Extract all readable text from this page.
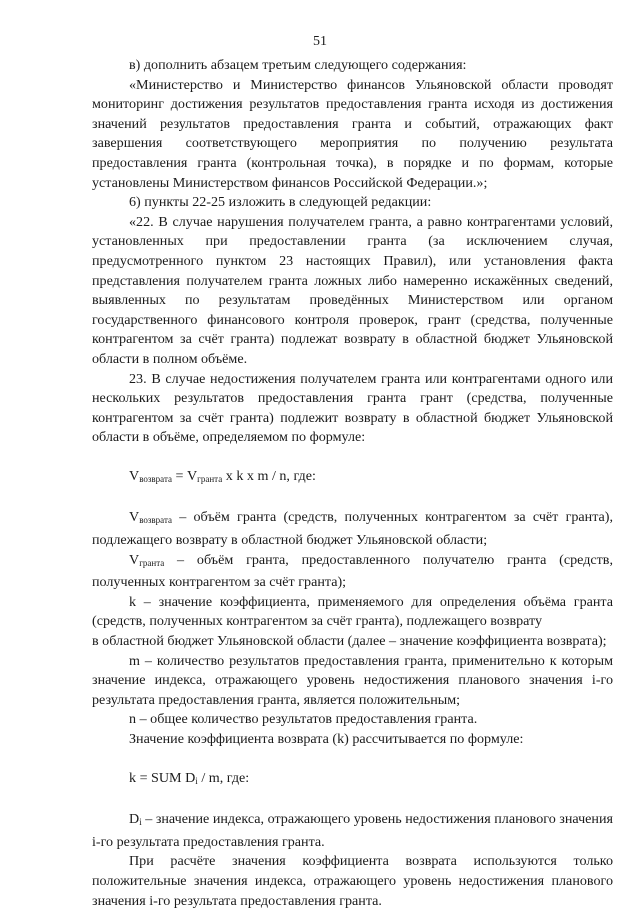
51

в) дополнить абзацем третьим следующего содержания:

«Министерство и Министерство финансов Ульяновской области проводят мониторинг достижения результатов предоставления гранта исходя из достижения значений результатов предоставления гранта и событий, отражающих факт завершения соответствующего мероприятия по получению результата предоставления гранта (контрольная точка), в порядке и по формам, которые установлены Министерством финансов Российской Федерации.»;

6) пункты 22-25 изложить в следующей редакции:

«22. В случае нарушения получателем гранта, а равно контрагентами условий, установленных при предоставлении гранта (за исключением случая, предусмотренного пунктом 23 настоящих Правил), или установления факта представления получателем гранта ложных либо намеренно искажённых сведений, выявленных по результатам проведённых Министерством или органом государственного финансового контроля проверок, грант (средства, полученные контрагентом за счёт гранта) подлежат возврату в областной бюджет Ульяновской области в полном объёме.

23. В случае недостижения получателем гранта или контрагентами одного или нескольких результатов предоставления гранта грант (средства, полученные контрагентом за счёт гранта) подлежит возврату в областной бюджет Ульяновской области в объёме, определяемом по формуле:

$V_{возврата} = V_{гранта}$ x k x m / n, где:

$V_{возврата}$ – объём гранта (средств, полученных контрагентом за счёт гранта), подлежащего возврату в областной бюджет Ульяновской области;

$V_{гранта}$ – объём гранта, предоставленного получателю гранта (средств, полученных контрагентом за счёт гранта);

k – значение коэффициента, применяемого для определения объёма гранта (средств, полученных контрагентом за счёт гранта), подлежащего возврату

в областной бюджет Ульяновской области (далее – значение коэффициента возврата);

m – количество результатов предоставления гранта, применительно к которым значение индекса, отражающего уровень недостижения планового значения i-го результата предоставления гранта, является положительным;

n – общее количество результатов предоставления гранта.

Значение коэффициента возврата (k) рассчитывается по формуле:

k = SUM $D_i$ / m, где:

$D_i$ – значение индекса, отражающего уровень недостижения планового значения i-го результата предоставления гранта.

При расчёте значения коэффициента возврата используются только положительные значения индекса, отражающего уровень недостижения планового значения i-го результата предоставления гранта.
